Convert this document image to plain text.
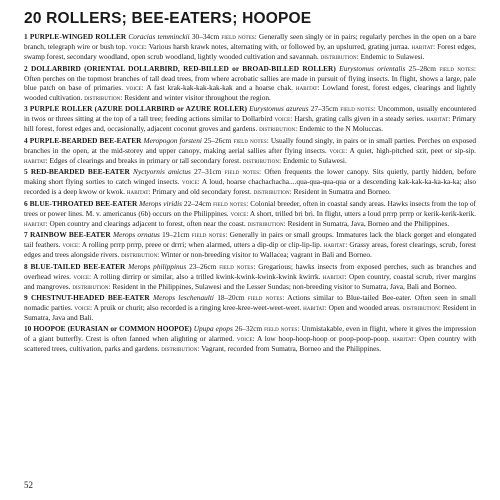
20 ROLLERS; BEE-EATERS; HOOPOE

1 PURPLE-WINGED ROLLER Coracias temminckii 30–34cm field notes: Generally seen singly or in pairs; regularly perches in the open on a bare branch, telegraph wire or bush top. voice: Various harsh krawk notes, alternating with, or followed by, an upslurred, grating jurraa. habitat: Forest edges, swamp forest, secondary woodland, open scrub woodland, lightly wooded cultivation and savannah. distribution: Endemic to Sulawesi.

2 DOLLARBIRD (ORIENTAL DOLLARBIRD, RED-BILLED or BROAD-BILLED ROLLER) Eurystomus orientalis 25–28cm field notes: Often perches on the topmost branches of tall dead trees, from where acrobatic sallies are made in pursuit of flying insects. In flight, shows a large, pale blue patch on base of primaries. voice: A fast krak-kak-kak-kak-kak and a hoarse chak. habitat: Lowland forest, forest edges, clearings and lightly wooded cultivation. distribution: Resident and winter visitor throughout the region.

3 PURPLE ROLLER (AZURE DOLLARBIRD or AZURE ROLLER) Eurystomus azureus 27–35cm field notes: Uncommon, usually encountered in twos or threes sitting at the top of a tall tree; feeding actions similar to Dollarbird voice: Harsh, grating calls given in a steady series. habitat: Primary hill forest, forest edges and, occasionally, adjacent coconut groves and gardens. distribution: Endemic to the N Moluccas.

4 PURPLE-BEARDED BEE-EATER Meropogon forsteni 25–26cm field notes: Usually found singly, in pairs or in small parties. Perches on exposed branches in the open, at the mid-storey and upper canopy, making aerial sallies after flying insects. voice: A quiet, high-pitched szit, peet or sip-sip. habitat: Edges of clearings and breaks in primary or tall secondary forest. distribution: Endemic to Sulawesi.

5 RED-BEARDED BEE-EATER Nyctyornis amictus 27–31cm field notes: Often frequents the lower canopy. Sits quietly, partly hidden, before making short flying sorties to catch winged insects. voice: A loud, hoarse chachachacha....qua-qua-qua-qua or a descending kak-kak-ka-ka-ka-ka; also recorded is a deep kwow or kwok. habitat: Primary and old secondary forest. distribution: Resident in Sumatra and Borneo.

6 BLUE-THROATED BEE-EATER Merops viridis 22–24cm field notes: Colonial breeder, often in coastal sandy areas. Hawks insects from the top of trees or power lines. M. v. americanus (6b) occurs on the Philippines. voice: A short, trilled bri bri. In flight, utters a loud prrrp prrrp or kerik-kerik-kerik. habitat: Open country and clearings adjacent to forest, often near the coast. distribution: Resident in Sumatra, Java, Borneo and the Philippines.

7 RAINBOW BEE-EATER Merops ornatus 19–21cm field notes: Generally in pairs or small groups. Immatures lack the black gorget and elongated tail feathers. voice: A rolling prrrp prrrp, preee or drrri; when alarmed, utters a dip-dip or clip-lip-lip. habitat: Grassy areas, forest clearings, scrub, forest edges and trees alongside rivers. distribution: Winter or non-breeding visitor to Wallacea; vagrant in Bali and Borneo.

8 BLUE-TAILED BEE-EATER Merops philippinus 23–26cm field notes: Gregarious; hawks insects from exposed perches, such as branches and overhead wires. voice: A rolling dirrirp or similar, also a trilled kwink-kwink-kwink-kwink kwirrk. habitat: Open country, coastal scrub, river margins and mangroves. distribution: Resident in the Philippines, Sulawesi and the Lesser Sundas; non-breeding visitor to Sumatra, Java, Bali and Borneo.

9 CHESTNUT-HEADED BEE-EATER Merops leschenaulti 18–20cm field notes: Actions similar to Blue-tailed Bee-eater. Often seen in small nomadic parties. voice: A pruik or churit; also recorded is a ringing kree-kree-weet-weet-weet. habitat: Open and wooded areas. distribution: Resident in Sumatra, Java and Bali.

10 HOOPOE (EURASIAN or COMMON HOOPOE) Upupa epops 26–32cm field notes: Unmistakable, even in flight, where it gives the impression of a giant butterfly. Crest is often fanned when alighting or alarmed. voice: A low hoop-hoop-hoop or poop-poop-poop. habitat: Open country with scattered trees, cultivation, parks and gardens. distribution: Vagrant, recorded from Sumatra, Borneo and the Philippines.

52
